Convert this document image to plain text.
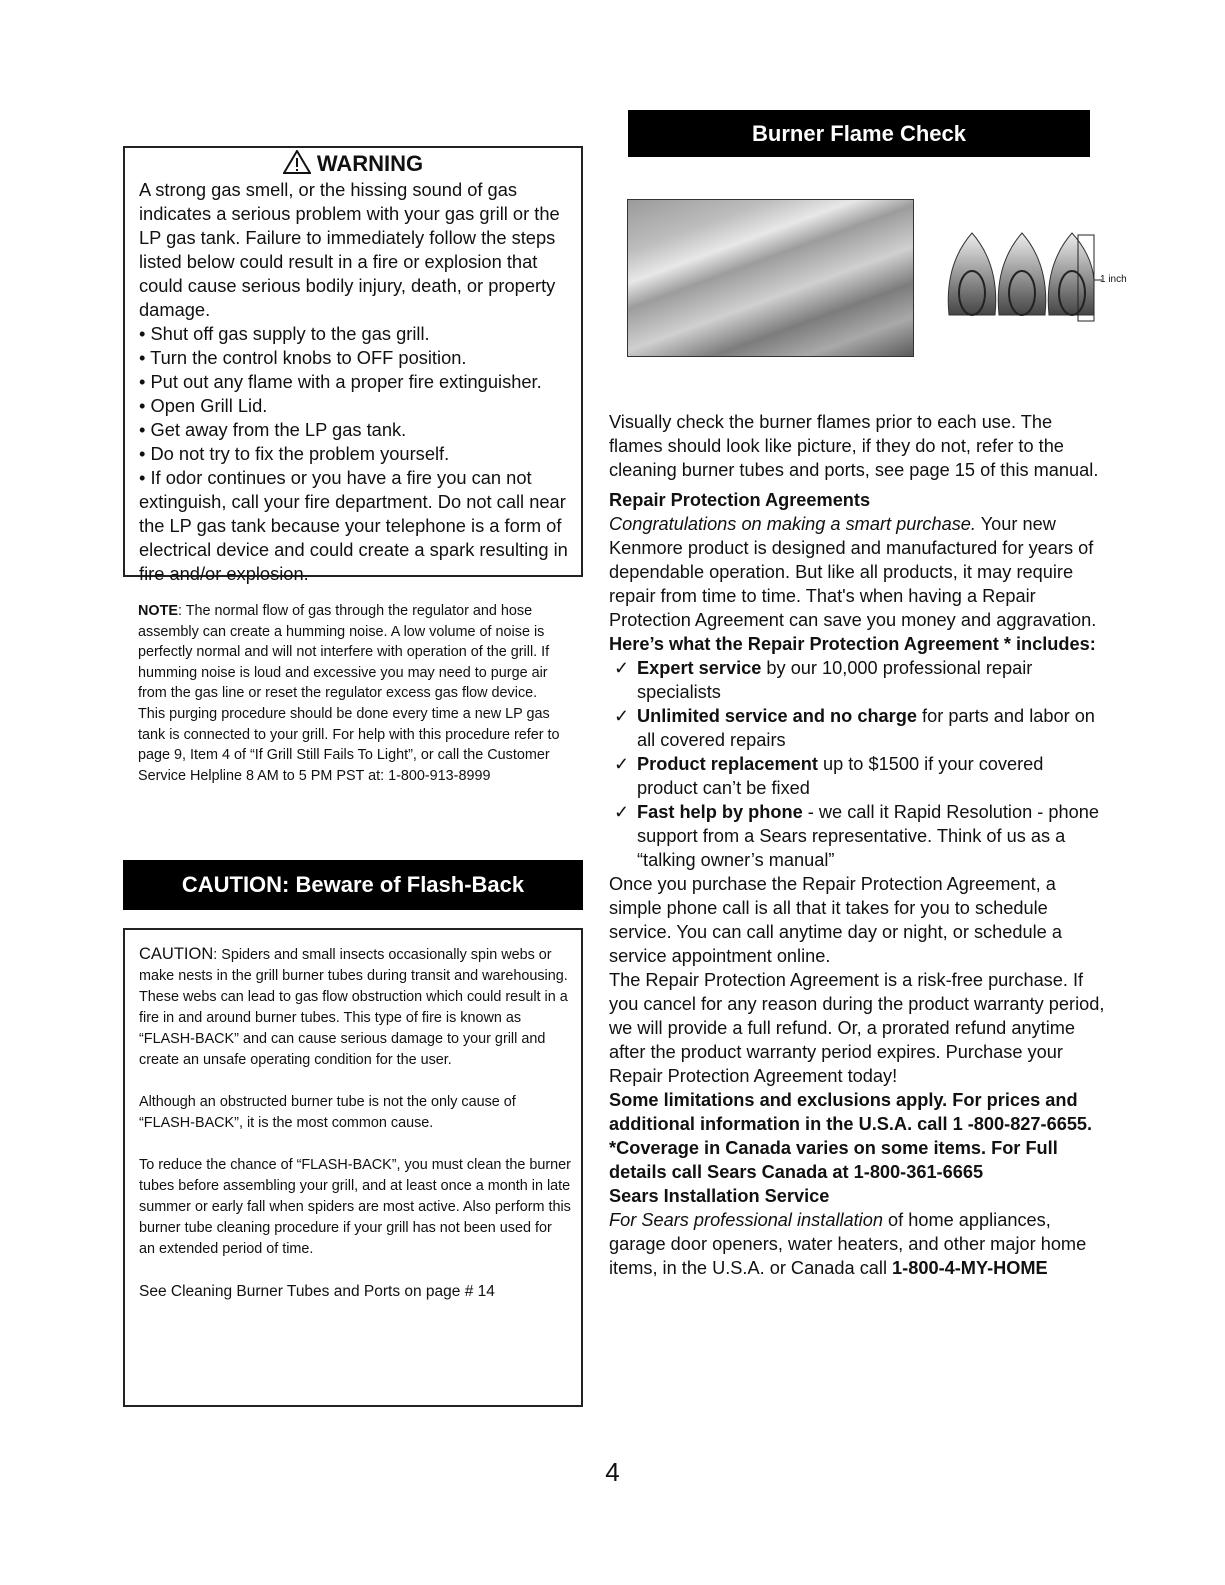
WARNING

A strong gas smell, or the hissing sound of gas indicates a serious problem with your gas grill or the LP gas tank. Failure to immediately follow the steps listed below could result in a fire or explosion that could cause serious bodily injury, death, or property damage.

• Shut off gas supply to the gas grill.

• Turn the control knobs to OFF position.

• Put out any flame with a proper fire extinguisher.

• Open Grill Lid.

• Get away from the LP gas tank.

• Do not try to fix the problem yourself.

• If odor continues or you have a fire you can not extinguish, call your fire department. Do not call near the LP gas tank because your telephone is a form of electrical device and could create a spark resulting in fire and/or explosion.

NOTE: The normal flow of gas through the regulator and hose assembly can create a humming noise. A low volume of noise is perfectly normal and will not interfere with operation of the grill. If humming noise is loud and excessive you may need to purge air from the gas line or reset the regulator excess gas flow device. This purging procedure should be done every time a new LP gas tank is connected to your grill. For help with this procedure refer to page 9, Item 4 of “If Grill Still Fails To Light”, or call the Customer Service Helpline 8 AM to 5 PM PST at: 1-800-913-8999

CAUTION: Beware of Flash-Back

CAUTION: Spiders and small insects occasionally spin webs or make nests in the grill burner tubes during transit and warehousing. These webs can lead to gas flow obstruction which could result in a fire in and around burner tubes. This type of fire is known as “FLASH-BACK” and can cause serious damage to your grill and create an unsafe operating condition for the user.

Although an obstructed burner tube is not the only cause of “FLASH-BACK”, it is the most common cause.

To reduce the chance of “FLASH-BACK”, you must clean the burner tubes before assembling your grill, and at least once a month in late summer or early fall when spiders are most active. Also perform this burner tube cleaning procedure if your grill has not been used for an extended period of time.

See Cleaning Burner Tubes and Ports on page # 14

Burner Flame Check
1 inch

Visually check the burner flames prior to each use. The flames should look like picture, if they do not, refer to the cleaning burner tubes and ports, see page 15 of this manual.

Repair Protection Agreements

Congratulations on making a smart purchase. Your new Kenmore product is designed and manufactured for years of dependable operation. But like all products, it may require repair from time to time. That's when having a Repair Protection Agreement can save you money and aggravation.

Here’s what the Repair Protection Agreement * includes:

✓ Expert service by our 10,000 professional repair specialists
✓ Unlimited service and no charge for parts and labor on all covered repairs
✓ Product replacement up to $1500 if your covered product can’t be fixed
✓ Fast help by phone - we call it Rapid Resolution - phone support from a Sears representative. Think of us as a “talking owner’s manual”

Once you purchase the Repair Protection Agreement, a simple phone call is all that it takes for you to schedule service. You can call anytime day or night, or schedule a service appointment online.

The Repair Protection Agreement is a risk-free purchase. If you cancel for any reason during the product warranty period, we will provide a full refund. Or, a prorated refund anytime after the product warranty period expires. Purchase your Repair Protection Agreement today!

Some limitations and exclusions apply. For prices and additional information in the U.S.A. call 1 -800-827-6655.

*Coverage in Canada varies on some items. For Full details call Sears Canada at 1-800-361-6665

Sears Installation Service

For Sears professional installation of home appliances, garage door openers, water heaters, and other major home items, in the U.S.A. or Canada call 1-800-4-MY-HOME

4
